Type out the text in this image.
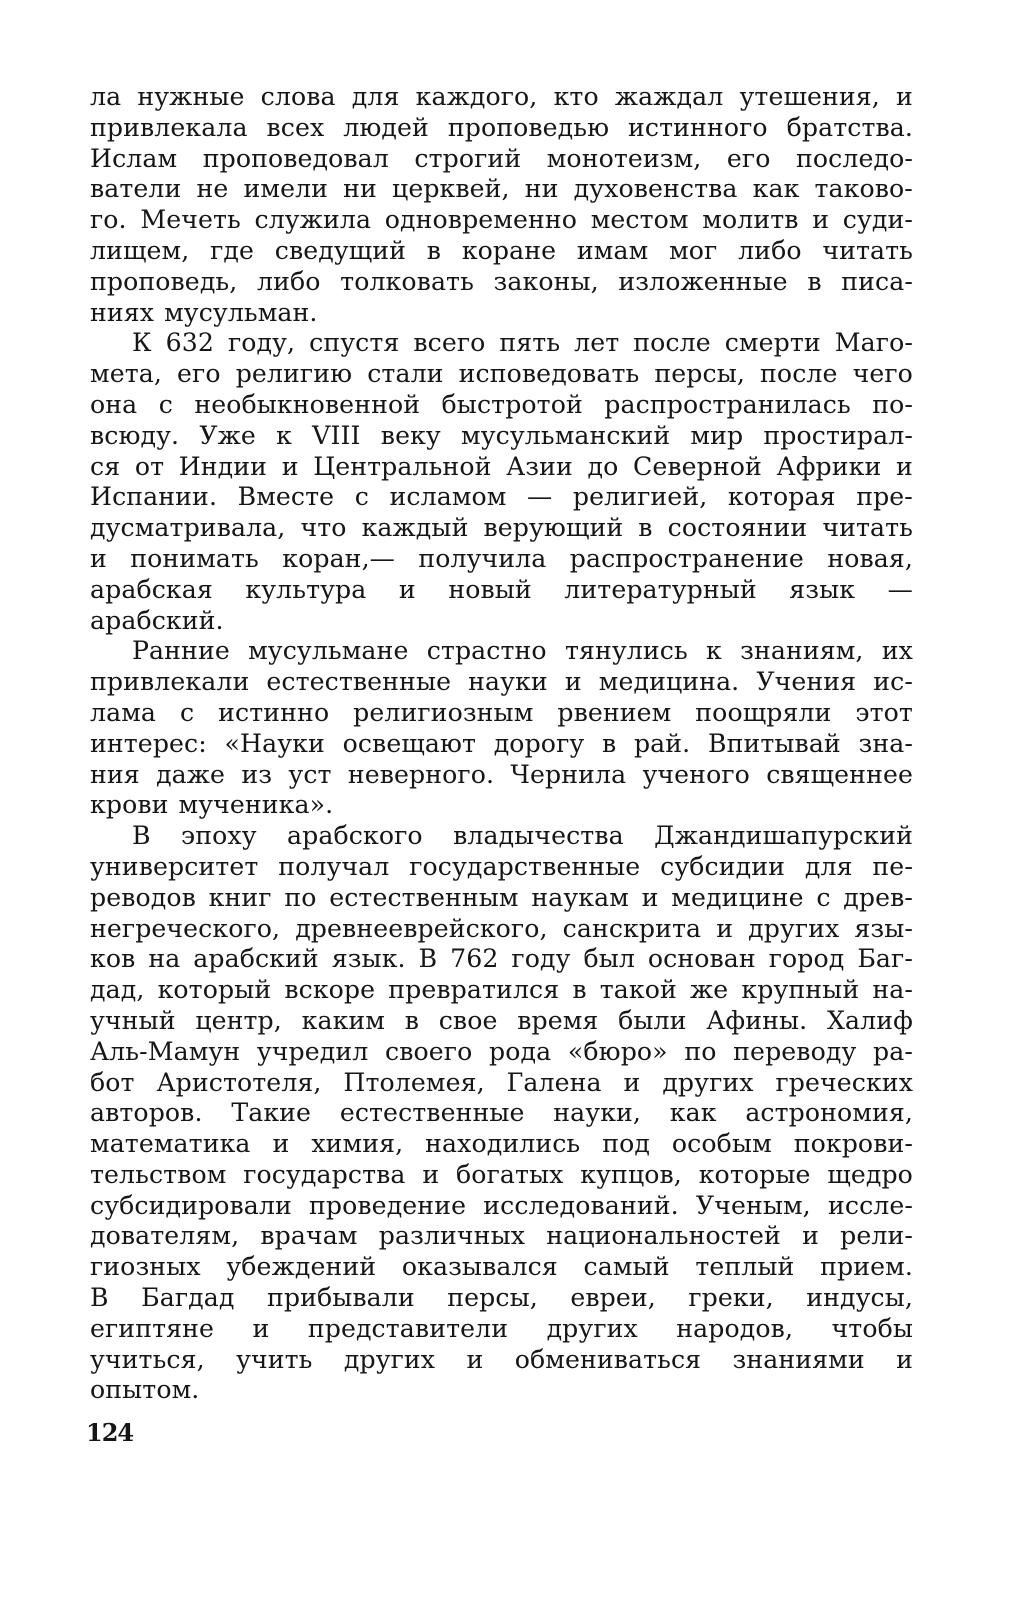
ла нужные слова для каждого, кто жаждал утешения, и
привлекала всех людей проповедью истинного братства.
Ислам проповедовал строгий монотеизм, его последо-
ватели не имели ни церквей, ни духовенства как таково-
го. Мечеть служила одновременно местом молитв и суди-
лищем, где сведущий в коране имам мог либо читать
проповедь, либо толковать законы, изложенные в писа-
ниях мусульман.
К 632 году, спустя всего пять лет после смерти Маго-
мета, его религию стали исповедовать персы, после чего
она с необыкновенной быстротой распространилась по-
всюду. Уже к VIII веку мусульманский мир простирал-
ся от Индии и Центральной Азии до Северной Африки и
Испании. Вместе с исламом — религией, которая пре-
дусматривала, что каждый верующий в состоянии читать
и понимать коран,— получила распространение новая,
арабская культура и новый литературный язык —
арабский.
Ранние мусульмане страстно тянулись к знаниям, их
привлекали естественные науки и медицина. Учения ис-
лама с истинно религиозным рвением поощряли этот
интерес: «Науки освещают дорогу в рай. Впитывай зна-
ния даже из уст неверного. Чернила ученого священнее
крови мученика».
В эпоху арабского владычества Джандишапурский
университет получал государственные субсидии для пе-
реводов книг по естественным наукам и медицине с древ-
негреческого, древнееврейского, санскрита и других язы-
ков на арабский язык. В 762 году был основан город Баг-
дад, который вскоре превратился в такой же крупный на-
учный центр, каким в свое время были Афины. Халиф
Аль-Мамун учредил своего рода «бюро» по переводу ра-
бот Аристотеля, Птолемея, Галена и других греческих
авторов. Такие естественные науки, как астрономия,
математика и химия, находились под особым покрови-
тельством государства и богатых купцов, которые щедро
субсидировали проведение исследований. Ученым, иссле-
дователям, врачам различных национальностей и рели-
гиозных убеждений оказывался самый теплый прием.
В Багдад прибывали персы, евреи, греки, индусы,
египтяне и представители других народов, чтобы
учиться, учить других и обмениваться знаниями и
опытом.
124
